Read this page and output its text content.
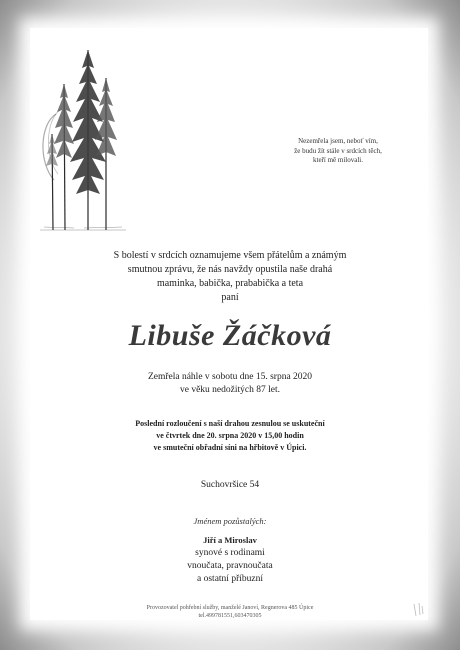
Nezemřela jsem, neboť vím,
že budu žít stále v srdcích těch,
kteří mě milovali.
S bolestí v srdcích oznamujeme všem přátelům a známým
smutnou zprávu, že nás navždy opustila naše drahá
maminka, babička, prababička a teta
paní
Libuše Žáčková
Zemřela náhle v sobotu dne 15. srpna 2020
ve věku nedožitých 87 let.
Poslední rozloučení s naší drahou zesnulou se uskuteční
ve čtvrtek dne 20. srpna 2020 v 15,00 hodin
ve smuteční obřadní síni na hřbitově v Úpici.
Suchovršice 54
Jménem pozůstalých:
Jiří a Miroslav
synové s rodinami
vnoučata, pravnoučata
a ostatní příbuzní
Provozovatel pohřební služby, manželé Janoví, Regnerova 485 Úpice
tel.499781551,603470305
